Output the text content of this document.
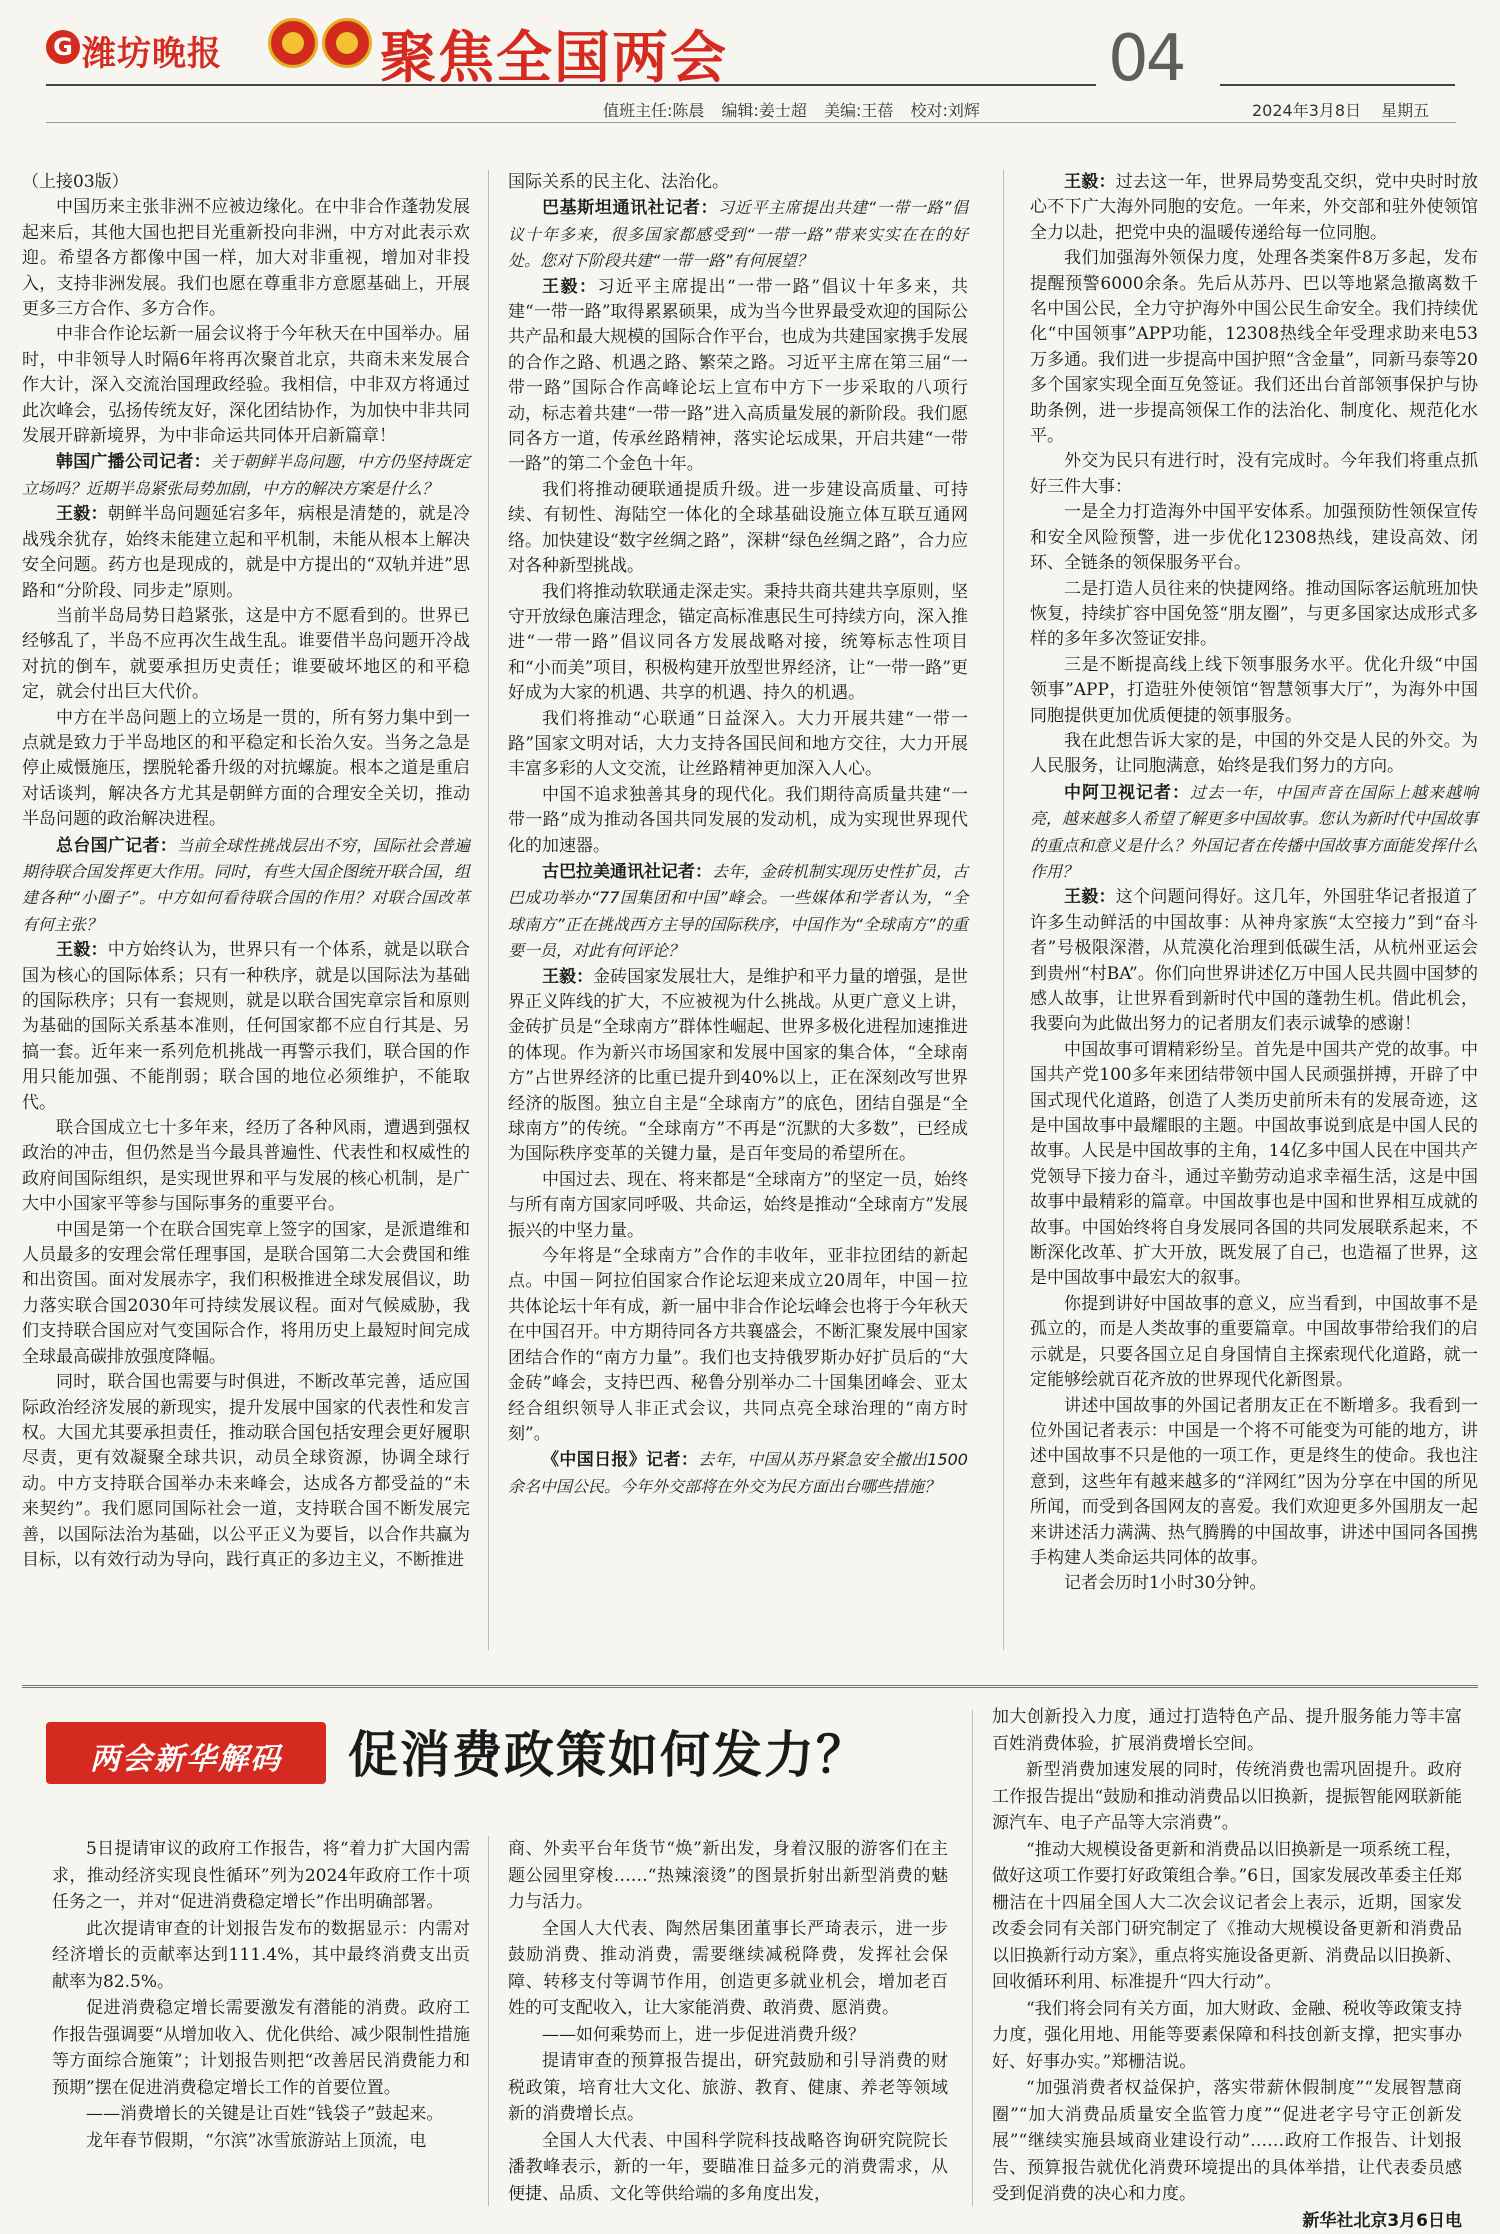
G 潍坊晚报	聚焦全国两会	04
值班主任:陈晨 编辑:姜士超 美编:王蓓 校对:刘辉	2024年3月8日 星期五

（上接03版）

中国历来主张非洲不应被边缘化。在中非合作蓬勃发展起来后，其他大国也把目光重新投向非洲，中方对此表示欢迎。希望各方都像中国一样，加大对非重视，增加对非投入，支持非洲发展。我们也愿在尊重非方意愿基础上，开展更多三方合作、多方合作。

中非合作论坛新一届会议将于今年秋天在中国举办。届时，中非领导人时隔6年将再次聚首北京，共商未来发展合作大计，深入交流治国理政经验。我相信，中非双方将通过此次峰会，弘扬传统友好，深化团结协作，为加快中非共同发展开辟新境界，为中非命运共同体开启新篇章！

韩国广播公司记者：关于朝鲜半岛问题，中方仍坚持既定立场吗？近期半岛紧张局势加剧，中方的解决方案是什么？

王毅：朝鲜半岛问题延宕多年，病根是清楚的，就是冷战残余犹存，始终未能建立起和平机制，未能从根本上解决安全问题。药方也是现成的，就是中方提出的“双轨并进”思路和“分阶段、同步走”原则。

当前半岛局势日趋紧张，这是中方不愿看到的。世界已经够乱了，半岛不应再次生战生乱。谁要借半岛问题开冷战对抗的倒车，就要承担历史责任；谁要破坏地区的和平稳定，就会付出巨大代价。

中方在半岛问题上的立场是一贯的，所有努力集中到一点就是致力于半岛地区的和平稳定和长治久安。当务之急是停止威慑施压，摆脱轮番升级的对抗螺旋。根本之道是重启对话谈判，解决各方尤其是朝鲜方面的合理安全关切，推动半岛问题的政治解决进程。

总台国广记者：当前全球性挑战层出不穷，国际社会普遍期待联合国发挥更大作用。同时，有些大国企图统开联合国，组建各种“小圈子”。中方如何看待联合国的作用？对联合国改革有何主张？

王毅：中方始终认为，世界只有一个体系，就是以联合国为核心的国际体系；只有一种秩序，就是以国际法为基础的国际秩序；只有一套规则，就是以联合国宪章宗旨和原则为基础的国际关系基本准则，任何国家都不应自行其是、另搞一套。近年来一系列危机挑战一再警示我们，联合国的作用只能加强、不能削弱；联合国的地位必须维护，不能取代。

联合国成立七十多年来，经历了各种风雨，遭遇到强权政治的冲击，但仍然是当今最具普遍性、代表性和权威性的政府间国际组织，是实现世界和平与发展的核心机制，是广大中小国家平等参与国际事务的重要平台。

中国是第一个在联合国宪章上签字的国家，是派遣维和人员最多的安理会常任理事国，是联合国第二大会费国和维和出资国。面对发展赤字，我们积极推进全球发展倡议，助力落实联合国2030年可持续发展议程。面对气候威胁，我们支持联合国应对气变国际合作，将用历史上最短时间完成全球最高碳排放强度降幅。

同时，联合国也需要与时俱进，不断改革完善，适应国际政治经济发展的新现实，提升发展中国家的代表性和发言权。大国尤其要承担责任，推动联合国包括安理会更好履职尽责，更有效凝聚全球共识，动员全球资源，协调全球行动。中方支持联合国举办未来峰会，达成各方都受益的“未来契约”。我们愿同国际社会一道，支持联合国不断发展完善，以国际法治为基础，以公平正义为要旨，以合作共赢为目标，以有效行动为导向，践行真正的多边主义，不断推进

国际关系的民主化、法治化。

巴基斯坦通讯社记者：习近平主席提出共建“一带一路”倡议十年多来，很多国家都感受到“一带一路”带来实实在在的好处。您对下阶段共建“一带一路”有何展望？

王毅：习近平主席提出“一带一路”倡议十年多来，共建“一带一路”取得累累硕果，成为当今世界最受欢迎的国际公共产品和最大规模的国际合作平台，也成为共建国家携手发展的合作之路、机遇之路、繁荣之路。习近平主席在第三届“一带一路”国际合作高峰论坛上宣布中方下一步采取的八项行动，标志着共建“一带一路”进入高质量发展的新阶段。我们愿同各方一道，传承丝路精神，落实论坛成果，开启共建“一带一路”的第二个金色十年。

我们将推动硬联通提质升级。进一步建设高质量、可持续、有韧性、海陆空一体化的全球基础设施立体互联互通网络。加快建设“数字丝绸之路”，深耕“绿色丝绸之路”，合力应对各种新型挑战。

我们将推动软联通走深走实。秉持共商共建共享原则，坚守开放绿色廉洁理念，锚定高标准惠民生可持续方向，深入推进“一带一路”倡议同各方发展战略对接，统筹标志性项目和“小而美”项目，积极构建开放型世界经济，让“一带一路”更好成为大家的机遇、共享的机遇、持久的机遇。

我们将推动“心联通”日益深入。大力开展共建“一带一路”国家文明对话，大力支持各国民间和地方交往，大力开展丰富多彩的人文交流，让丝路精神更加深入人心。

中国不追求独善其身的现代化。我们期待高质量共建“一带一路”成为推动各国共同发展的发动机，成为实现世界现代化的加速器。

古巴拉美通讯社记者：去年，金砖机制实现历史性扩员，古巴成功举办“77国集团和中国”峰会。一些媒体和学者认为，“全球南方”正在挑战西方主导的国际秩序，中国作为“全球南方”的重要一员，对此有何评论？

王毅：金砖国家发展壮大，是维护和平力量的增强，是世界正义阵线的扩大，不应被视为什么挑战。从更广意义上讲，金砖扩员是“全球南方”群体性崛起、世界多极化进程加速推进的体现。作为新兴市场国家和发展中国家的集合体，“全球南方”占世界经济的比重已提升到40%以上，正在深刻改写世界经济的版图。独立自主是“全球南方”的底色，团结自强是“全球南方”的传统。“全球南方”不再是“沉默的大多数”，已经成为国际秩序变革的关键力量，是百年变局的希望所在。

中国过去、现在、将来都是“全球南方”的坚定一员，始终与所有南方国家同呼吸、共命运，始终是推动“全球南方”发展振兴的中坚力量。

今年将是“全球南方”合作的丰收年，亚非拉团结的新起点。中国－阿拉伯国家合作论坛迎来成立20周年，中国－拉共体论坛十年有成，新一届中非合作论坛峰会也将于今年秋天在中国召开。中方期待同各方共襄盛会，不断汇聚发展中国家团结合作的“南方力量”。我们也支持俄罗斯办好扩员后的“大金砖”峰会，支持巴西、秘鲁分别举办二十国集团峰会、亚太经合组织领导人非正式会议，共同点亮全球治理的“南方时刻”。

《中国日报》记者：去年，中国从苏丹紧急安全撤出1500余名中国公民。今年外交部将在外交为民方面出台哪些措施？

王毅：过去这一年，世界局势变乱交织，党中央时时放心不下广大海外同胞的安危。一年来，外交部和驻外使领馆全力以赴，把党中央的温暖传递给每一位同胞。

我们加强海外领保力度，处理各类案件8万多起，发布提醒预警6000余条。先后从苏丹、巴以等地紧急撤离数千名中国公民，全力守护海外中国公民生命安全。我们持续优化“中国领事”APP功能，12308热线全年受理求助来电53万多通。我们进一步提高中国护照“含金量”，同新马泰等20多个国家实现全面互免签证。我们还出台首部领事保护与协助条例，进一步提高领保工作的法治化、制度化、规范化水平。

外交为民只有进行时，没有完成时。今年我们将重点抓好三件大事：

一是全力打造海外中国平安体系。加强预防性领保宣传和安全风险预警，进一步优化12308热线，建设高效、闭环、全链条的领保服务平台。

二是打造人员往来的快捷网络。推动国际客运航班加快恢复，持续扩容中国免签“朋友圈”，与更多国家达成形式多样的多年多次签证安排。

三是不断提高线上线下领事服务水平。优化升级“中国领事”APP，打造驻外使领馆“智慧领事大厅”，为海外中国同胞提供更加优质便捷的领事服务。

我在此想告诉大家的是，中国的外交是人民的外交。为人民服务，让同胞满意，始终是我们努力的方向。

中阿卫视记者：过去一年，中国声音在国际上越来越响亮，越来越多人希望了解更多中国故事。您认为新时代中国故事的重点和意义是什么？外国记者在传播中国故事方面能发挥什么作用？

王毅：这个问题问得好。这几年，外国驻华记者报道了许多生动鲜活的中国故事：从神舟家族“太空接力”到“奋斗者”号极限深潜，从荒漠化治理到低碳生活，从杭州亚运会到贵州“村BA”。你们向世界讲述亿万中国人民共圆中国梦的感人故事，让世界看到新时代中国的蓬勃生机。借此机会，我要向为此做出努力的记者朋友们表示诚挚的感谢！

中国故事可谓精彩纷呈。首先是中国共产党的故事。中国共产党100多年来团结带领中国人民顽强拼搏，开辟了中国式现代化道路，创造了人类历史前所未有的发展奇迹，这是中国故事中最耀眼的主题。中国故事说到底是中国人民的故事。人民是中国故事的主角，14亿多中国人民在中国共产党领导下接力奋斗，通过辛勤劳动追求幸福生活，这是中国故事中最精彩的篇章。中国故事也是中国和世界相互成就的故事。中国始终将自身发展同各国的共同发展联系起来，不断深化改革、扩大开放，既发展了自己，也造福了世界，这是中国故事中最宏大的叙事。

你提到讲好中国故事的意义，应当看到，中国故事不是孤立的，而是人类故事的重要篇章。中国故事带给我们的启示就是，只要各国立足自身国情自主探索现代化道路，就一定能够绘就百花齐放的世界现代化新图景。

讲述中国故事的外国记者朋友正在不断增多。我看到一位外国记者表示：中国是一个将不可能变为可能的地方，讲述中国故事不只是他的一项工作，更是终生的使命。我也注意到，这些年有越来越多的“洋网红”因为分享在中国的所见所闻，而受到各国网友的喜爱。我们欢迎更多外国朋友一起来讲述活力满满、热气腾腾的中国故事，讲述中国同各国携手构建人类命运共同体的故事。

记者会历时1小时30分钟。

两会新华解码	促消费政策如何发力？

5日提请审议的政府工作报告，将“着力扩大国内需求，推动经济实现良性循环”列为2024年政府工作十项任务之一，并对“促进消费稳定增长”作出明确部署。

此次提请审查的计划报告发布的数据显示：内需对经济增长的贡献率达到111.4%，其中最终消费支出贡献率为82.5%。

促进消费稳定增长需要激发有潜能的消费。政府工作报告强调要“从增加收入、优化供给、减少限制性措施等方面综合施策”；计划报告则把“改善居民消费能力和预期”摆在促进消费稳定增长工作的首要位置。

——消费增长的关键是让百姓“钱袋子”鼓起来。

龙年春节假期，“尔滨”冰雪旅游站上顶流，电

商、外卖平台年货节“焕”新出发，身着汉服的游客们在主题公园里穿梭……“热辣滚烫”的图景折射出新型消费的魅力与活力。

全国人大代表、陶然居集团董事长严琦表示，进一步鼓励消费、推动消费，需要继续减税降费，发挥社会保障、转移支付等调节作用，创造更多就业机会，增加老百姓的可支配收入，让大家能消费、敢消费、愿消费。

——如何乘势而上，进一步促进消费升级？

提请审查的预算报告提出，研究鼓励和引导消费的财税政策，培育壮大文化、旅游、教育、健康、养老等领域新的消费增长点。

全国人大代表、中国科学院科技战略咨询研究院院长潘教峰表示，新的一年，要瞄准日益多元的消费需求，从便捷、品质、文化等供给端的多角度出发，

加大创新投入力度，通过打造特色产品、提升服务能力等丰富百姓消费体验，扩展消费增长空间。

新型消费加速发展的同时，传统消费也需巩固提升。政府工作报告提出“鼓励和推动消费品以旧换新，提振智能网联新能源汽车、电子产品等大宗消费”。

“推动大规模设备更新和消费品以旧换新是一项系统工程，做好这项工作要打好政策组合拳。”6日，国家发展改革委主任郑栅洁在十四届全国人大二次会议记者会上表示，近期，国家发改委会同有关部门研究制定了《推动大规模设备更新和消费品以旧换新行动方案》，重点将实施设备更新、消费品以旧换新、回收循环利用、标准提升“四大行动”。

“我们将会同有关方面，加大财政、金融、税收等政策支持力度，强化用地、用能等要素保障和科技创新支撑，把实事办好、好事办实。”郑栅洁说。

“加强消费者权益保护，落实带薪休假制度”“发展智慧商圈”“加大消费品质量安全监管力度”“促进老字号守正创新发展”“继续实施县域商业建设行动”……政府工作报告、计划报告、预算报告就优化消费环境提出的具体举措，让代表委员感受到促消费的决心和力度。

新华社北京3月6日电
